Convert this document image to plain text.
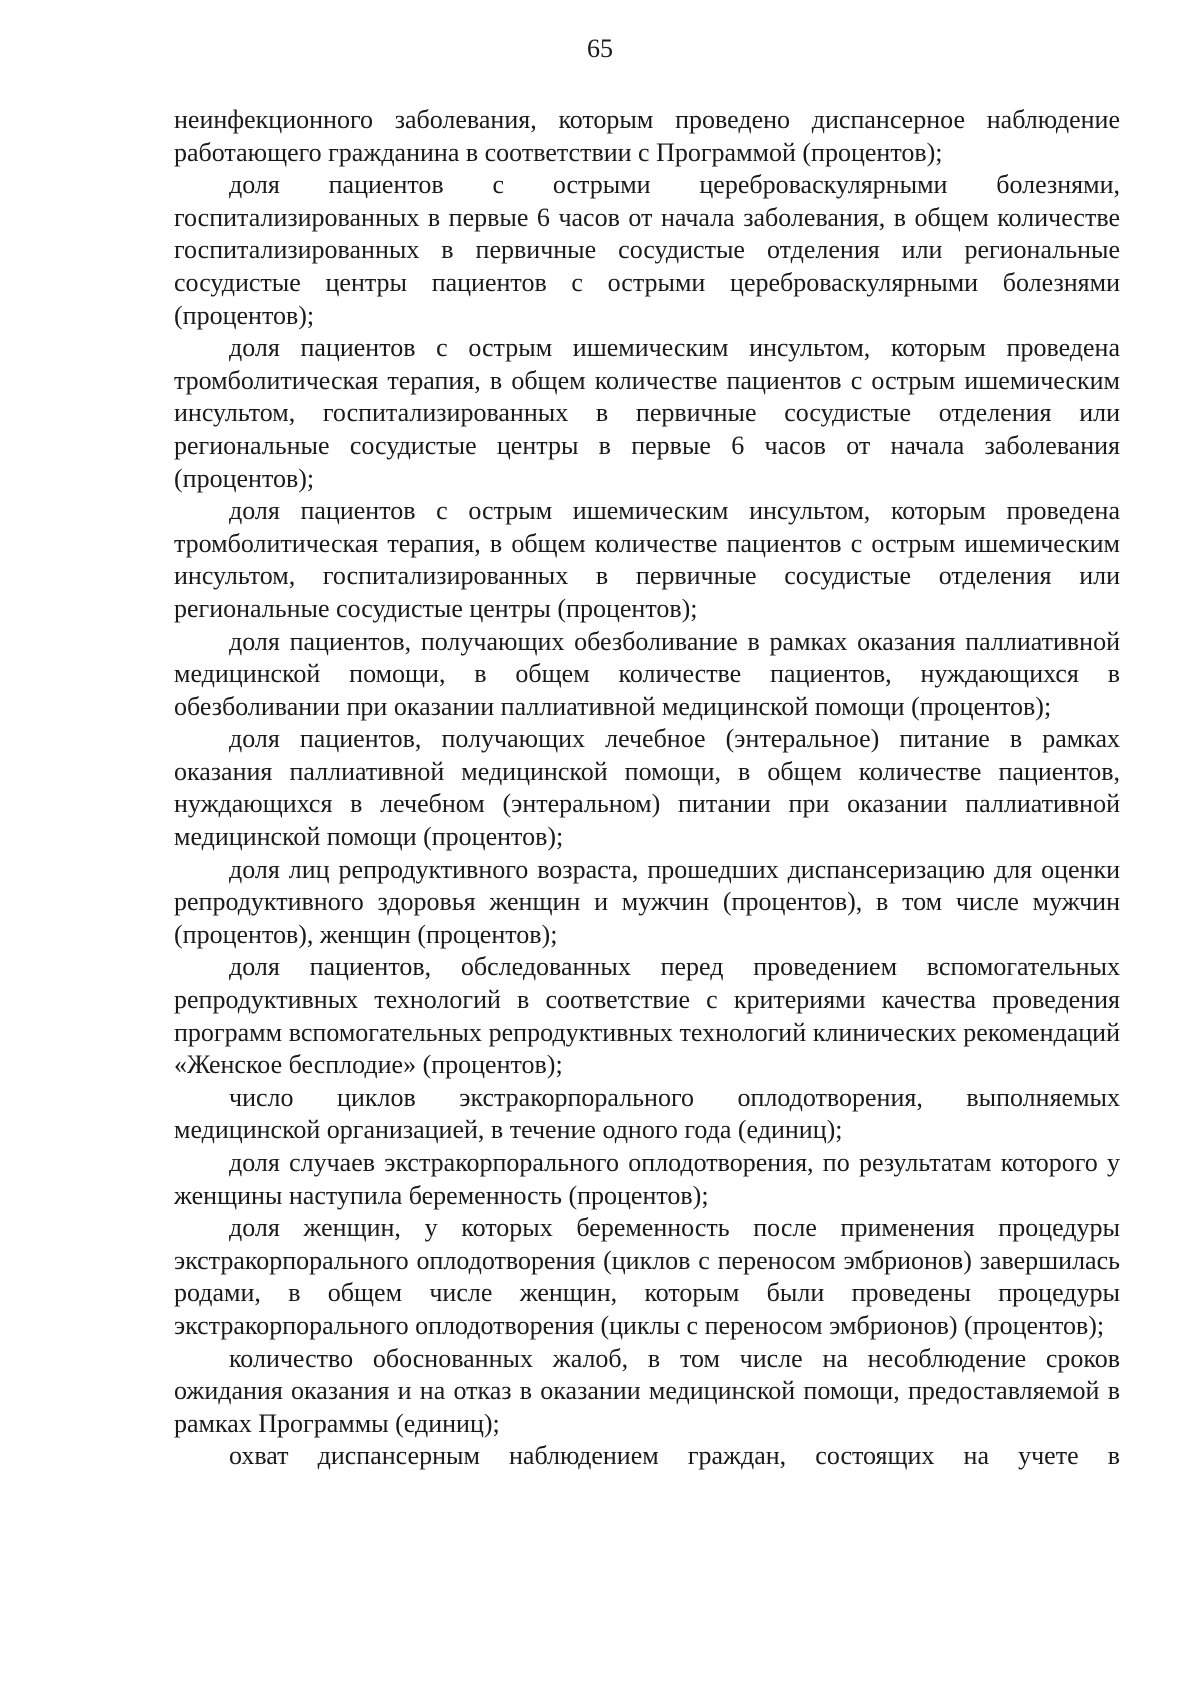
65

неинфекционного заболевания, которым проведено диспансерное наблюдение работающего гражданина в соответствии с Программой (процентов);

доля пациентов с острыми цереброваскулярными болезнями, госпитализированных в первые 6 часов от начала заболевания, в общем количестве госпитализированных в первичные сосудистые отделения или региональные сосудистые центры пациентов с острыми цереброваскулярными болезнями (процентов);

доля пациентов с острым ишемическим инсультом, которым проведена тромболитическая терапия, в общем количестве пациентов с острым ишемическим инсультом, госпитализированных в первичные сосудистые отделения или региональные сосудистые центры в первые 6 часов от начала заболевания (процентов);

доля пациентов с острым ишемическим инсультом, которым проведена тромболитическая терапия, в общем количестве пациентов с острым ишемическим инсультом, госпитализированных в первичные сосудистые отделения или региональные сосудистые центры (процентов);

доля пациентов, получающих обезболивание в рамках оказания паллиативной медицинской помощи, в общем количестве пациентов, нуждающихся в обезболивании при оказании паллиативной медицинской помощи (процентов);

доля пациентов, получающих лечебное (энтеральное) питание в рамках оказания паллиативной медицинской помощи, в общем количестве пациентов, нуждающихся в лечебном (энтеральном) питании при оказании паллиативной медицинской помощи (процентов);

доля лиц репродуктивного возраста, прошедших диспансеризацию для оценки репродуктивного здоровья женщин и мужчин (процентов), в том числе мужчин (процентов), женщин (процентов);

доля пациентов, обследованных перед проведением вспомогательных репродуктивных технологий в соответствие с критериями качества проведения программ вспомогательных репродуктивных технологий клинических рекомендаций «Женское бесплодие» (процентов);

число циклов экстракорпорального оплодотворения, выполняемых медицинской организацией, в течение одного года (единиц);

доля случаев экстракорпорального оплодотворения, по результатам которого у женщины наступила беременность (процентов);

доля женщин, у которых беременность после применения процедуры экстракорпорального оплодотворения (циклов с переносом эмбрионов) завершилась родами, в общем числе женщин, которым были проведены процедуры экстракорпорального оплодотворения (циклы с переносом эмбрионов) (процентов);

количество обоснованных жалоб, в том числе на несоблюдение сроков ожидания оказания и на отказ в оказании медицинской помощи, предоставляемой в рамках Программы (единиц);

охват диспансерным наблюдением граждан, состоящих на учете в
